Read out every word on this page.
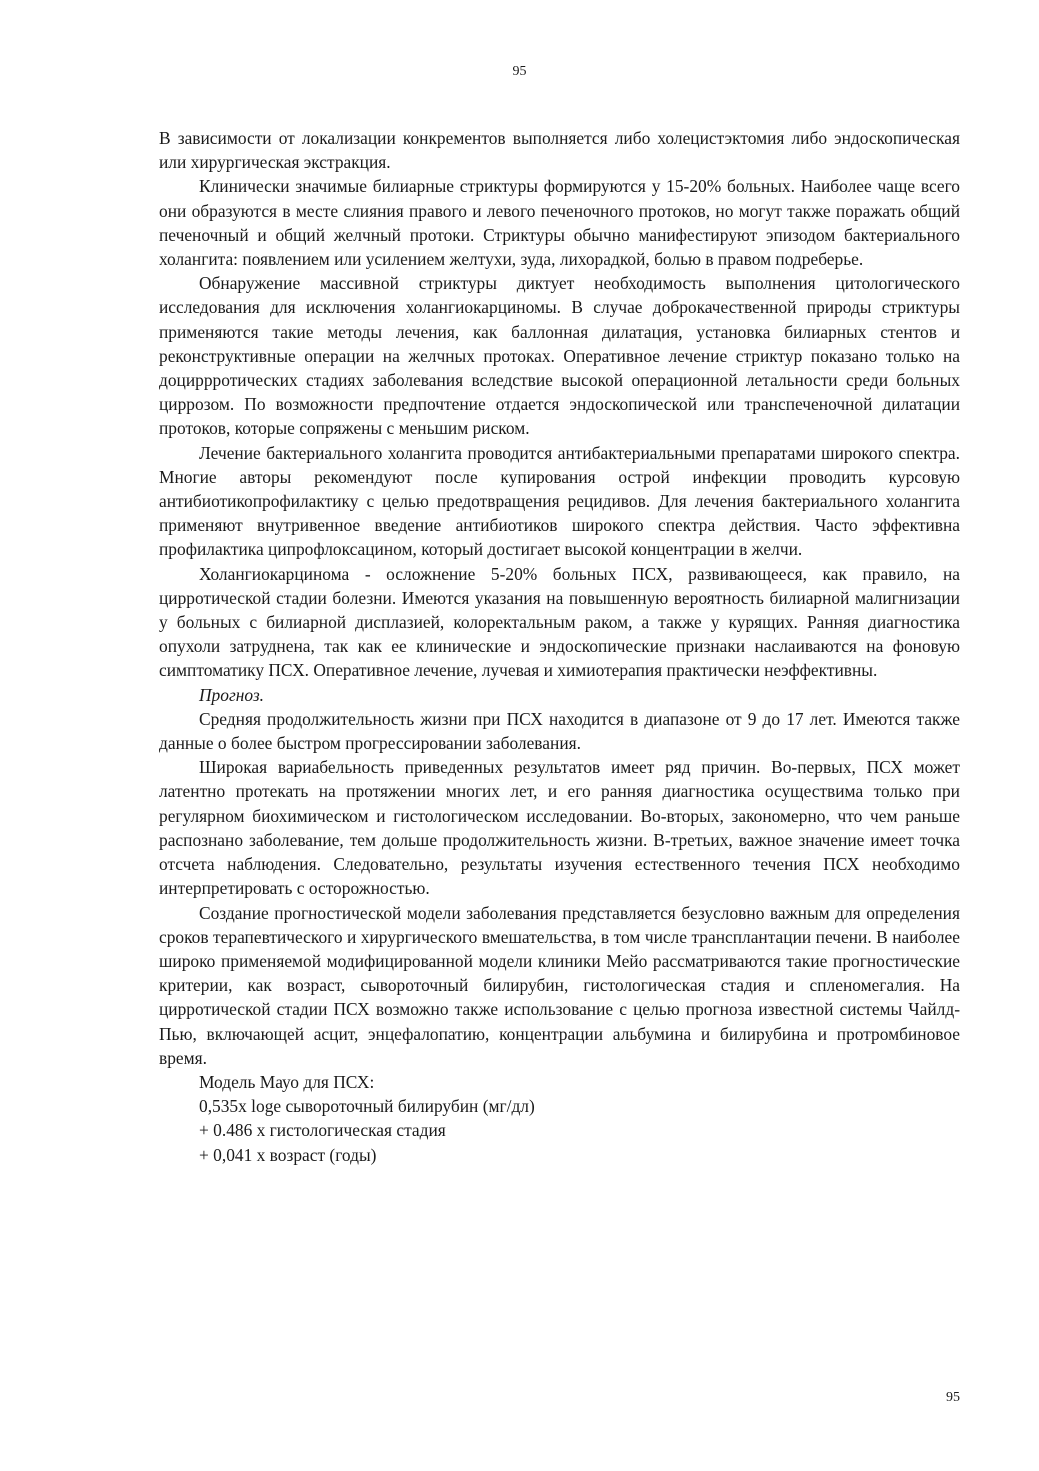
95

В зависимости от локализации конкрементов выполняется либо холецистэктомия либо эндоскопическая или хирургическая экстракция.

Клинически значимые билиарные стриктуры формируются у 15-20% больных. Наиболее чаще всего они образуются в месте слияния правого и левого печеночного протоков, но могут также поражать общий печеночный и общий желчный протоки. Стриктуры обычно манифестируют эпизодом бактериального холангита: появлением или усилением желтухи, зуда, лихорадкой, болью в правом подреберье.

Обнаружение массивной стриктуры диктует необходимость выполнения цитологического исследования для исключения холангиокарциномы. В случае доброкачественной природы стриктуры применяются такие методы лечения, как баллонная дилатация, установка билиарных стентов и реконструктивные операции на желчных протоках. Оперативное лечение стриктур показано только на доциррротических стадиях заболевания вследствие высокой операционной летальности среди больных циррозом. По возможности предпочтение отдается эндоскопической или транспеченочной дилатации протоков, которые сопряжены с меньшим риском.

Лечение бактериального холангита проводится антибактериальными препаратами широкого спектра. Многие авторы рекомендуют после купирования острой инфекции проводить курсовую антибиотикопрофилактику с целью предотвращения рецидивов. Для лечения бактериального холангита применяют внутривенное введение антибиотиков широкого спектра действия. Часто эффективна профилактика ципрофлоксацином, который достигает высокой концентрации в желчи.

Холангиокарцинома - осложнение 5-20% больных ПСХ, развивающееся, как правило, на цирротической стадии болезни. Имеются указания на повышенную вероятность билиарной малигнизации у больных с билиарной дисплазией, колоректальным раком, а также у курящих. Ранняя диагностика опухоли затруднена, так как ее клинические и эндоскопические признаки наслаиваются на фоновую симптоматику ПСХ. Оперативное лечение, лучевая и химиотерапия практически неэффективны.

Прогноз.

Средняя продолжительность жизни при ПСХ находится в диапазоне от 9 до 17 лет. Имеются также данные о более быстром прогрессировании заболевания.

Широкая вариабельность приведенных результатов имеет ряд причин. Во-первых, ПСХ может латентно протекать на протяжении многих лет, и его ранняя диагностика осуществима только при регулярном биохимическом и гистологическом исследовании. Во-вторых, закономерно, что чем раньше распознано заболевание, тем дольше продолжительность жизни. В-третьих, важное значение имеет точка отсчета наблюдения. Следовательно, результаты изучения естественного течения ПСХ необходимо интерпретировать с осторожностью.

Создание прогностической модели заболевания представляется безусловно важным для определения сроков терапевтического и хирургического вмешательства, в том числе трансплантации печени. В наиболее широко применяемой модифицированной модели клиники Мейо рассматриваются такие прогностические критерии, как возраст, сывороточный билирубин, гистологическая стадия и спленомегалия. На цирротической стадии ПСХ возможно также использование с целью прогноза известной системы Чайлд-Пью, включающей асцит, энцефалопатию, концентрации альбумина и билирубина и протромбиновое время.

Модель Мауо для ПСХ:

0,535x loge сывороточный билирубин (мг/дл)

+ 0.486 x гистологическая стадия

+ 0,041 x возраст (годы)

95
